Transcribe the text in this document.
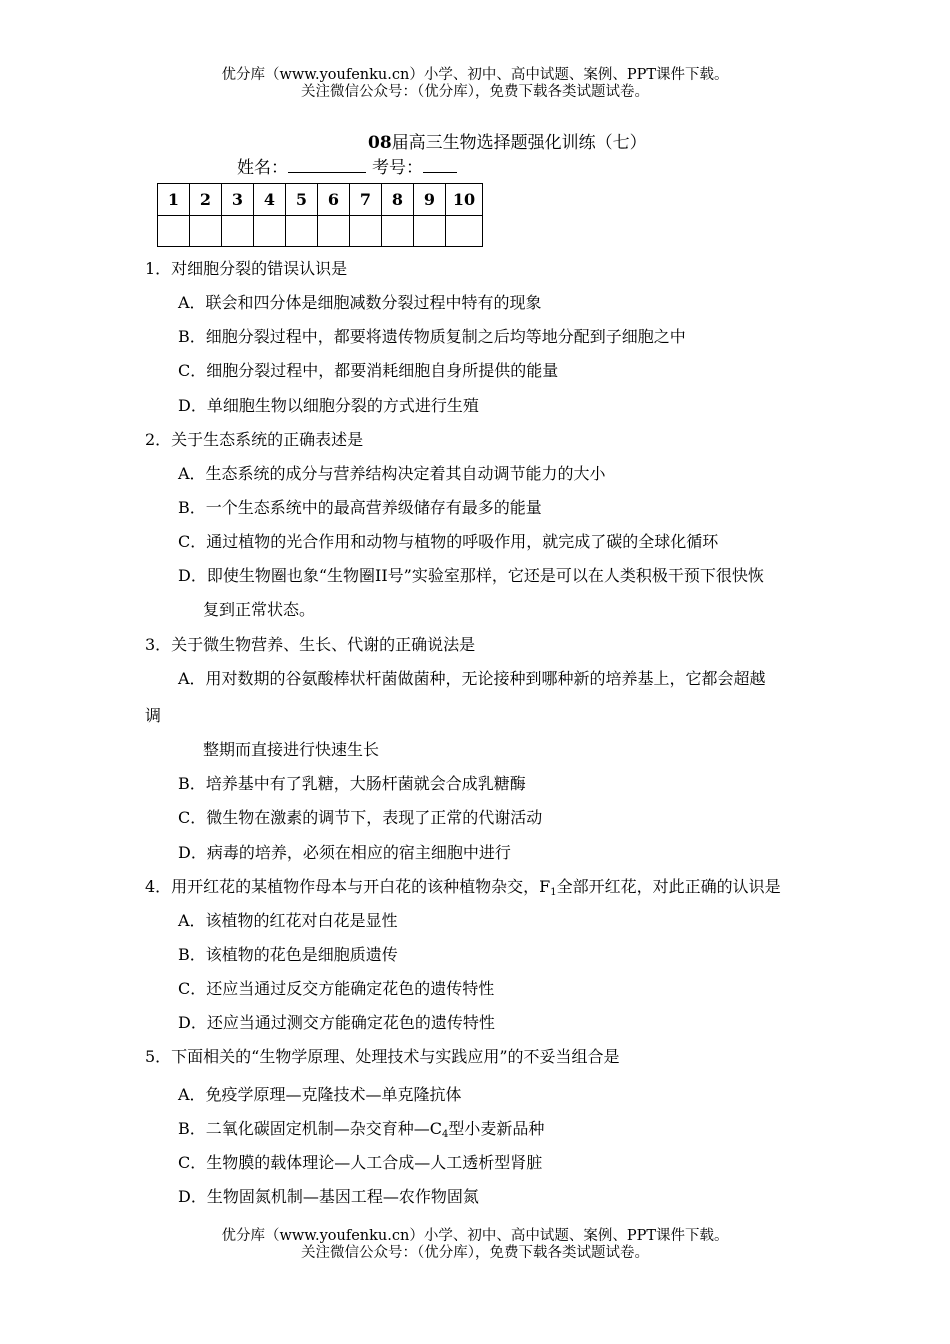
优分库（www.youfenku.cn）小学、初中、高中试题、案例、PPT课件下载。
关注微信公众号：（优分库），免费下载各类试题试卷。
08届高三生物选择题强化训练（七）
姓名：	考号：
1	2	3	4	5	6	7	8	9	10

1．对细胞分裂的错误认识是
A．联会和四分体是细胞减数分裂过程中特有的现象
B．细胞分裂过程中，都要将遗传物质复制之后均等地分配到子细胞之中
C．细胞分裂过程中，都要消耗细胞自身所提供的能量
D．单细胞生物以细胞分裂的方式进行生殖
2．关于生态系统的正确表述是
A．生态系统的成分与营养结构决定着其自动调节能力的大小
B．一个生态系统中的最高营养级储存有最多的能量
C．通过植物的光合作用和动物与植物的呼吸作用，就完成了碳的全球化循环
D．即使生物圈也象“生物圈II号”实验室那样，它还是可以在人类积极干预下很快恢
复到正常状态。
3．关于微生物营养、生长、代谢的正确说法是
A．用对数期的谷氨酸棒状杆菌做菌种，无论接种到哪种新的培养基上，它都会超越
调
整期而直接进行快速生长
B．培养基中有了乳糖，大肠杆菌就会合成乳糖酶
C．微生物在激素的调节下，表现了正常的代谢活动
D．病毒的培养，必须在相应的宿主细胞中进行
4．用开红花的某植物作母本与开白花的该种植物杂交，$F_1$全部开红花，对此正确的认识是
A．该植物的红花对白花是显性
B．该植物的花色是细胞质遗传
C．还应当通过反交方能确定花色的遗传特性
D．还应当通过测交方能确定花色的遗传特性
5．下面相关的“生物学原理、处理技术与实践应用”的不妥当组合是
A．免疫学原理—克隆技术—单克隆抗体
B．二氧化碳固定机制—杂交育种$—C_4$型小麦新品种
C．生物膜的载体理论—人工合成—人工透析型肾脏
D．生物固氮机制—基因工程—农作物固氮
优分库（www.youfenku.cn）小学、初中、高中试题、案例、PPT课件下载。
关注微信公众号：（优分库），免费下载各类试题试卷。
